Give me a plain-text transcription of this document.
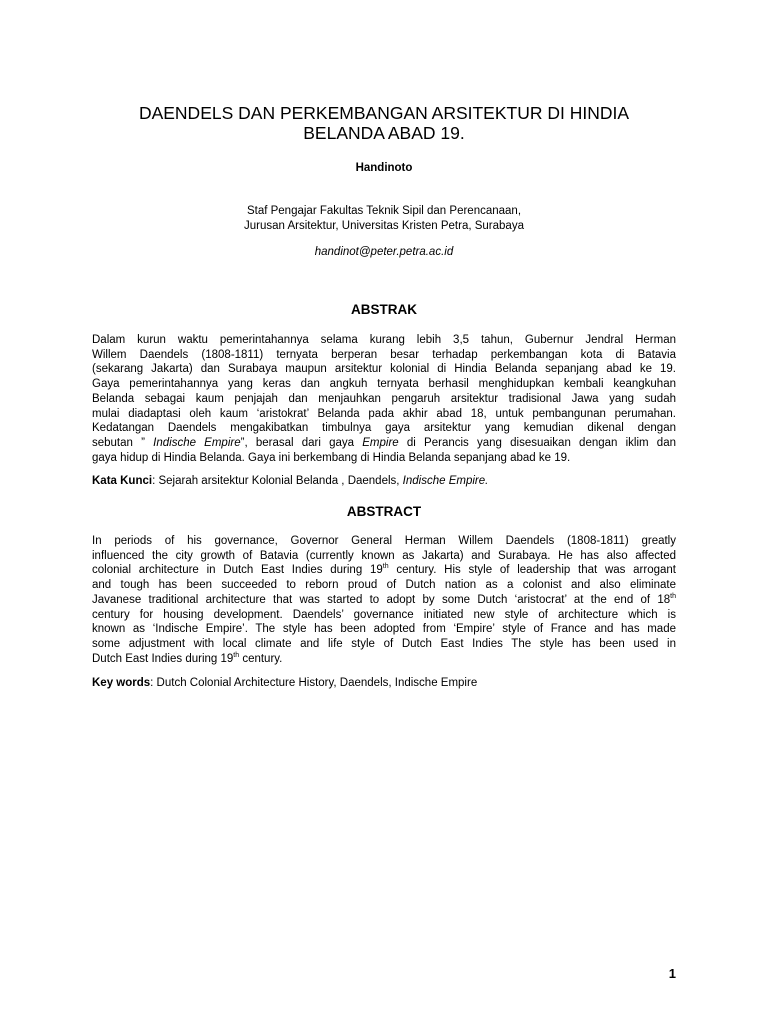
DAENDELS DAN PERKEMBANGAN ARSITEKTUR DI HINDIA
BELANDA ABAD 19.
Handinoto
Staf Pengajar Fakultas Teknik Sipil dan Perencanaan,
Jurusan Arsitektur, Universitas Kristen Petra, Surabaya
handinot@peter.petra.ac.id
ABSTRAK
Dalam kurun waktu pemerintahannya selama kurang lebih 3,5 tahun, Gubernur Jendral Herman
Willem Daendels (1808-1811) ternyata berperan besar terhadap perkembangan kota di Batavia
(sekarang Jakarta) dan Surabaya maupun arsitektur kolonial di Hindia Belanda sepanjang abad ke 19.
Gaya pemerintahannya yang keras dan angkuh ternyata berhasil menghidupkan kembali keangkuhan
Belanda sebagai kaum penjajah dan menjauhkan pengaruh arsitektur tradisional Jawa yang sudah
mulai diadaptasi oleh kaum ‘aristokrat’ Belanda pada akhir abad 18, untuk pembangunan perumahan.
Kedatangan Daendels mengakibatkan timbulnya gaya arsitektur yang kemudian dikenal dengan
sebutan ” Indische Empire”, berasal dari gaya Empire di Perancis yang disesuaikan dengan iklim dan
gaya hidup di Hindia Belanda. Gaya ini berkembang di Hindia Belanda sepanjang abad ke 19.
Kata Kunci: Sejarah arsitektur Kolonial Belanda , Daendels, Indische Empire.
ABSTRACT
In periods of his governance, Governor General Herman Willem Daendels (1808-1811) greatly
influenced the city growth of Batavia (currently known as Jakarta) and Surabaya. He has also affected
colonial architecture in Dutch East Indies during 19th century. His style of leadership that was arrogant
and tough has been succeeded to reborn proud of Dutch nation as a colonist and also eliminate
Javanese traditional architecture that was started to adopt by some Dutch ‘aristocrat’ at the end of 18th
century for housing development. Daendels’ governance initiated new style of architecture which is
known as ‘Indische Empire’. The style has been adopted from ‘Empire’ style of France and has made
some adjustment with local climate and life style of Dutch East Indies The style has been used in
Dutch East Indies during 19th century.
Key words: Dutch Colonial Architecture History, Daendels, Indische Empire
1
